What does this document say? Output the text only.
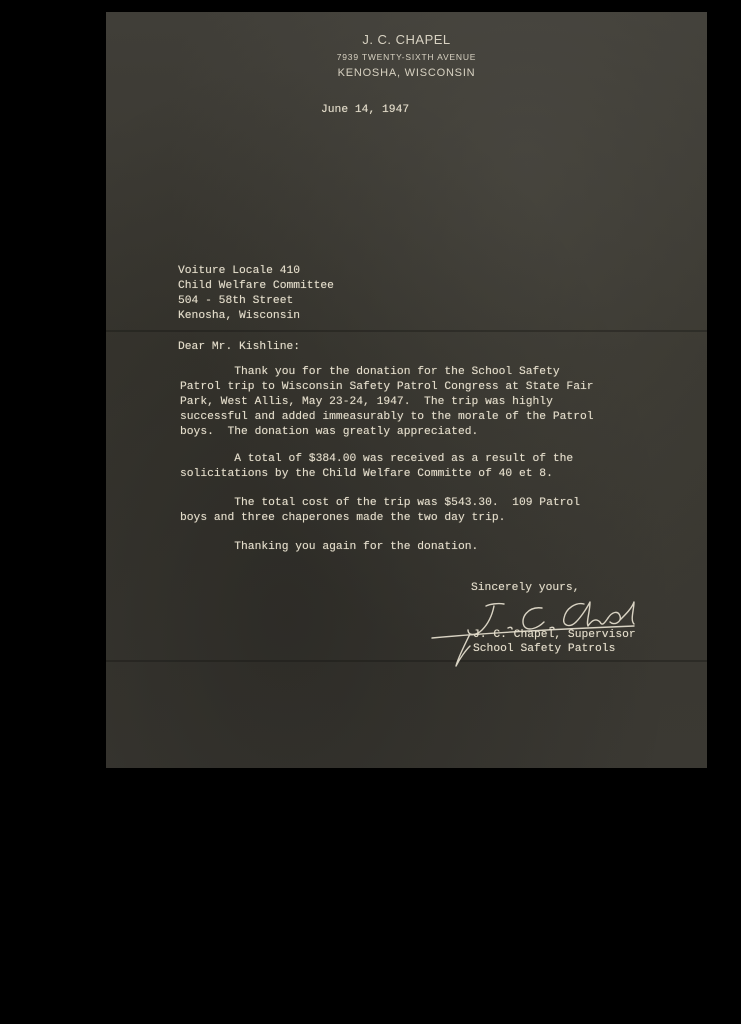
J. C. CHAPEL
7939 TWENTY-SIXTH AVENUE
KENOSHA, WISCONSIN
June 14, 1947
Voiture Locale 410
Child Welfare Committee
504 - 58th Street
Kenosha, Wisconsin
Dear Mr. Kishline:
Thank you for the donation for the School Safety
Patrol trip to Wisconsin Safety Patrol Congress at State Fair
Park, West Allis, May 23-24, 1947.  The trip was highly
successful and added immeasurably to the morale of the Patrol
boys.  The donation was greatly appreciated.
A total of $384.00 was received as a result of the
solicitations by the Child Welfare Committe of 40 et 8.
The total cost of the trip was $543.30.  109 Patrol
boys and three chaperones made the two day trip.
Thanking you again for the donation.
Sincerely yours,
J. C. Chapel, Supervisor
School Safety Patrols
